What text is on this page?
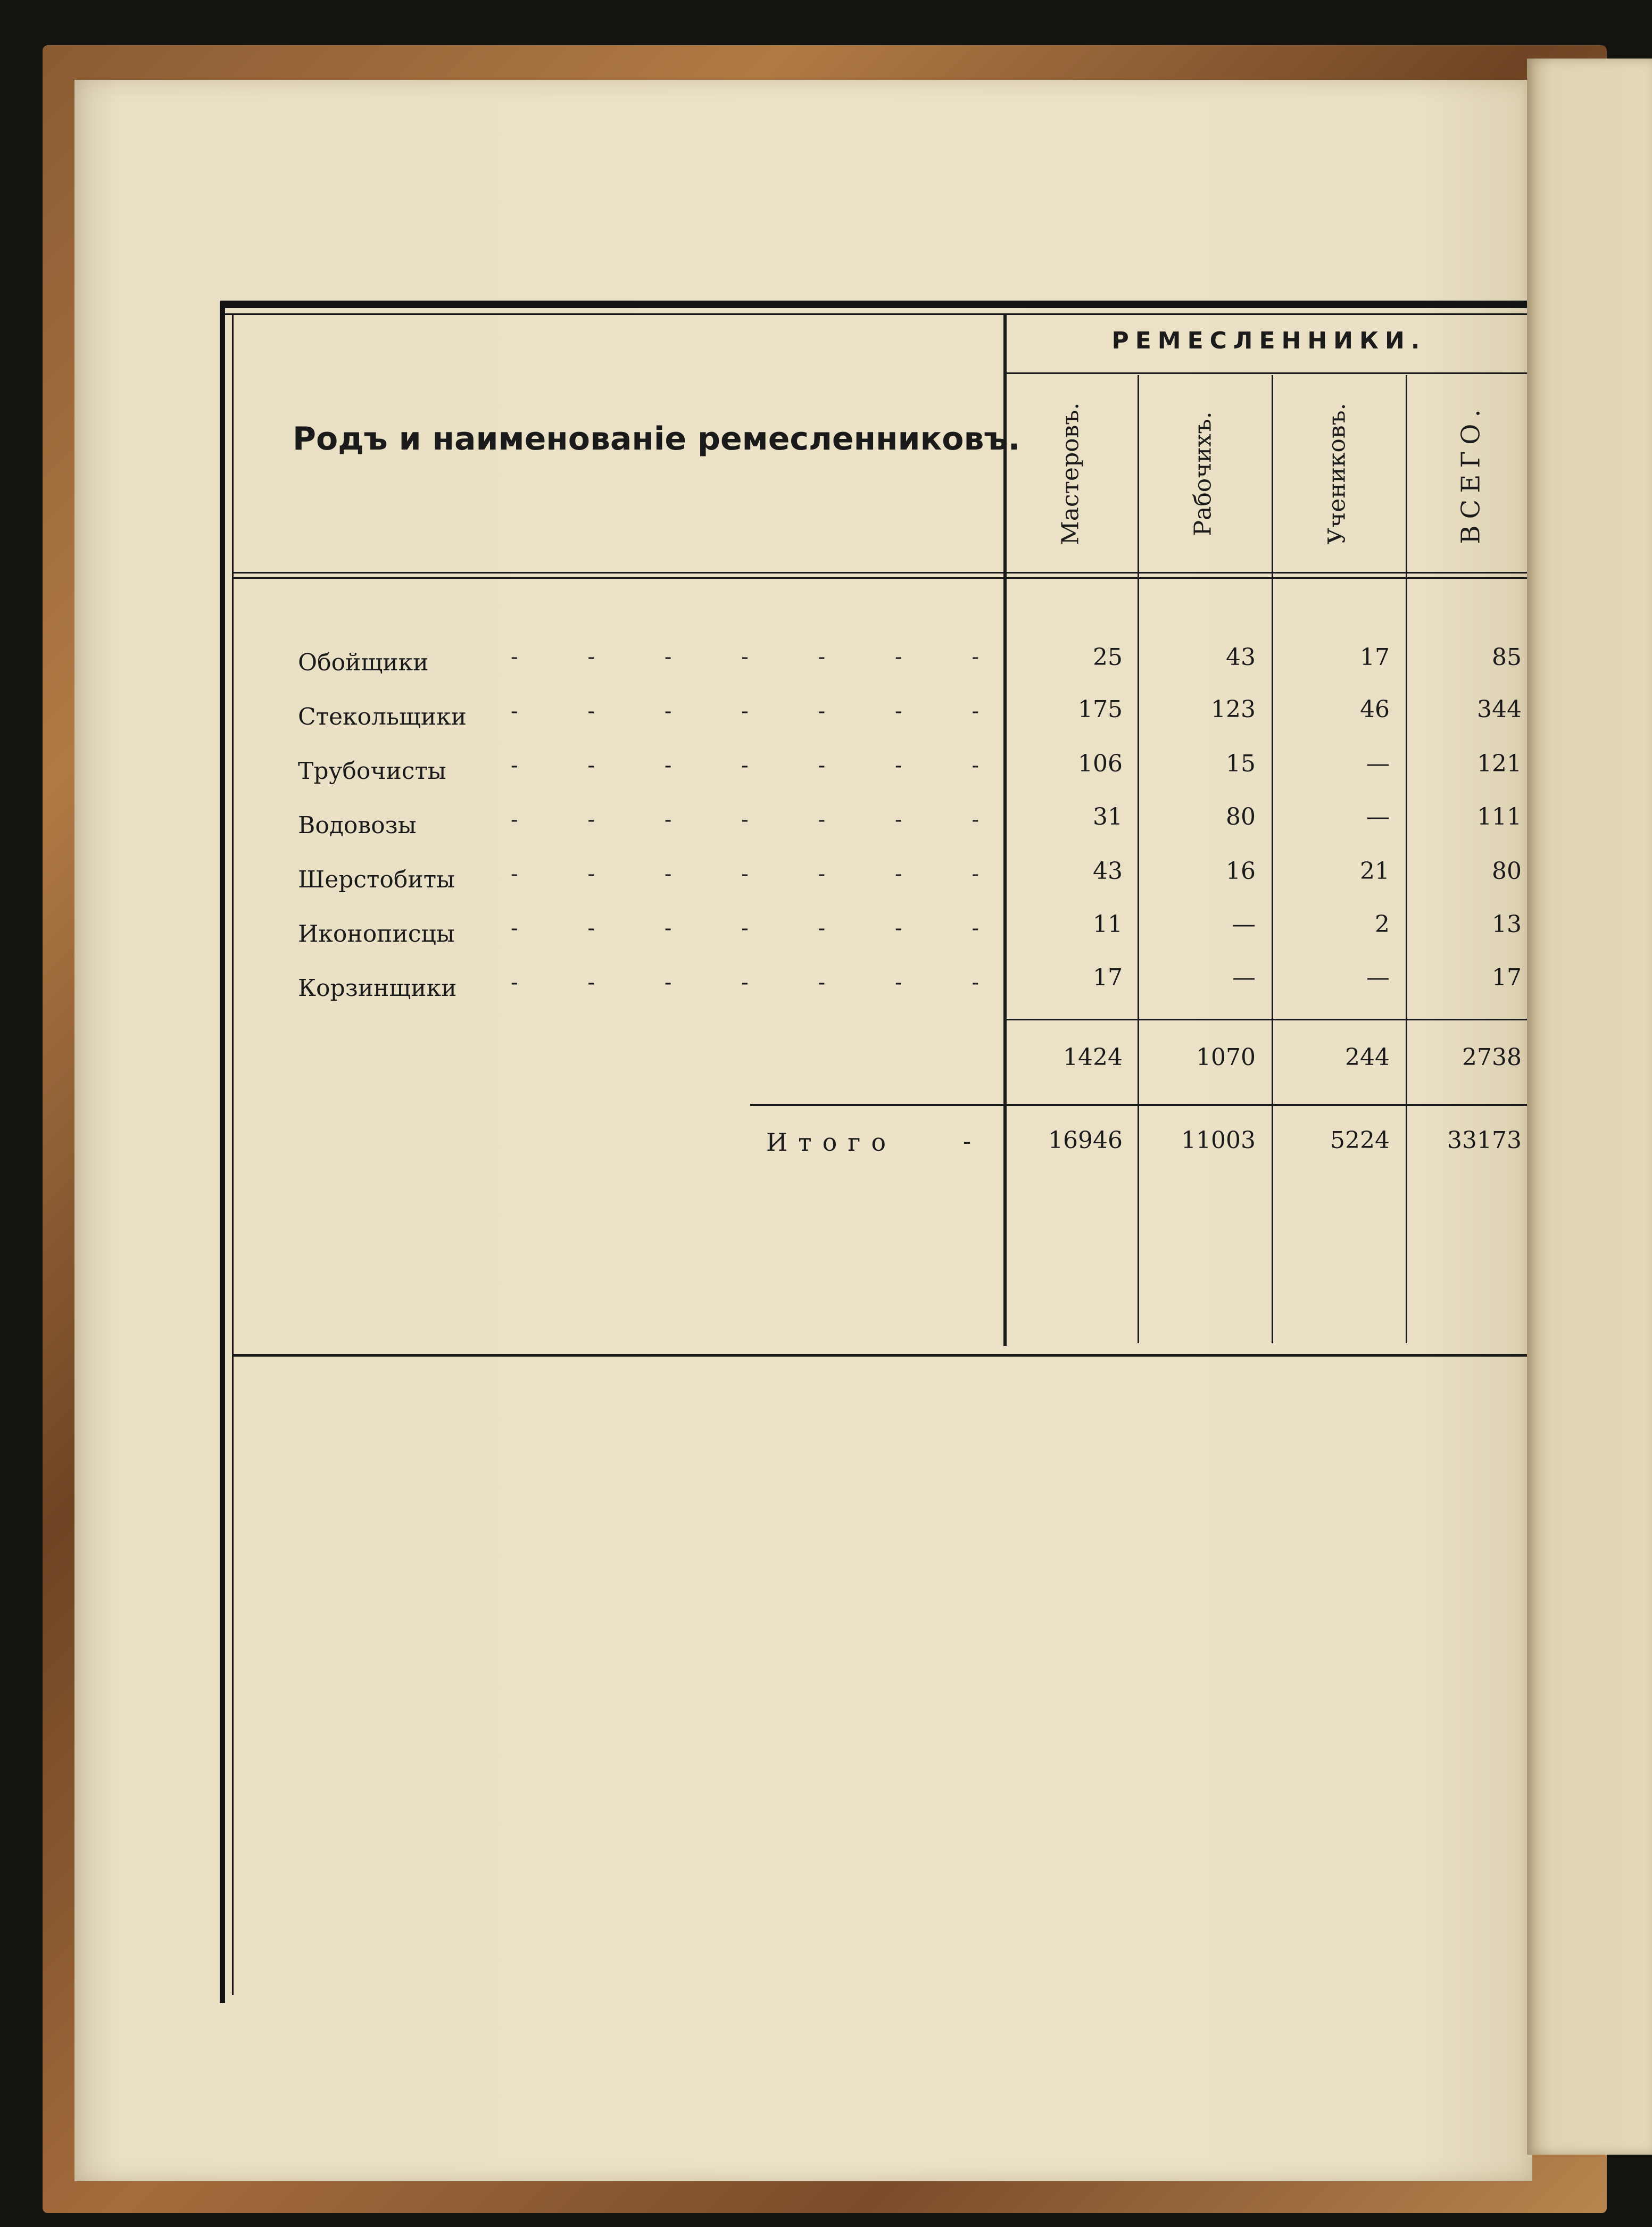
РЕМЕСЛЕННИКИ.
Родъ и наименованіе ремесленниковъ. Мастеровъ.	Рабочихъ.	Учениковъ.	ВСЕГО.
Обойщики	-	-	-	-	-	-	-	25	43	17	85
Стекольщики -	-	-	-	-	-	-	175	123	46	344
Трубочисты	-	-	-	-	-	-	-	106	15	—	121
Водовозы	-	-	-	-	-	-	-	31	80	—	111
Шерстобиты	-	-	-	-	-	-	-	43	16	21	80
Иконописцы	-	-	-	-	-	-	-	11	—	2	13
Корзинщики	-	-	-	-	-	-	-	17	—	—	17
1424	1070	244	2738
Итого	-	16946	11003	5224	33173
